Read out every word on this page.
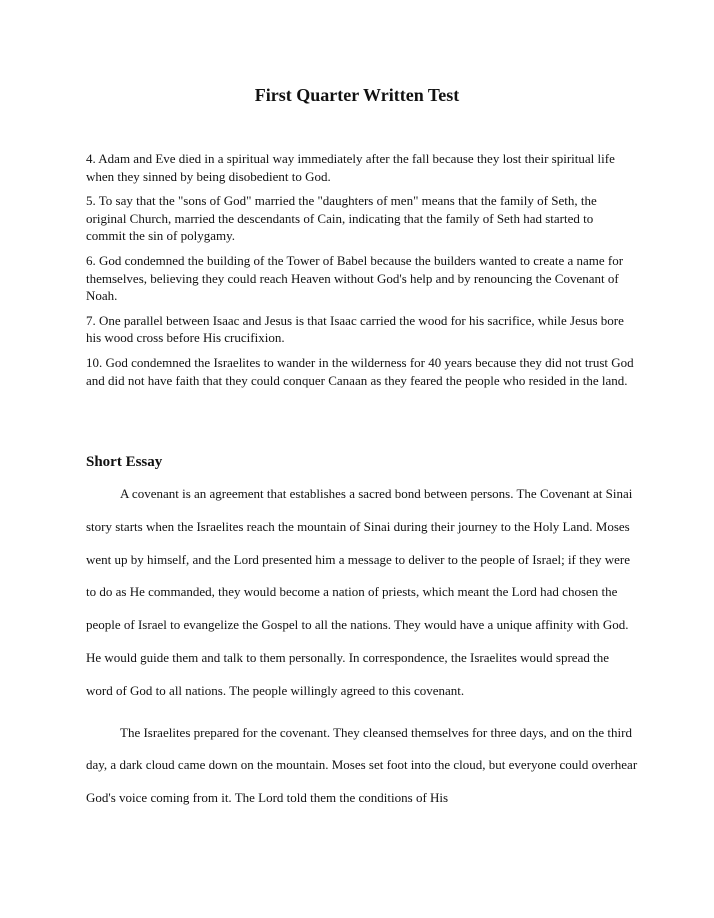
First Quarter Written Test

4. Adam and Eve died in a spiritual way immediately after the fall because they lost their spiritual life when they sinned by being disobedient to God.

5. To say that the "sons of God" married the "daughters of men" means that the family of Seth, the original Church, married the descendants of Cain, indicating that the family of Seth had started to commit the sin of polygamy.

6. God condemned the building of the Tower of Babel because the builders wanted to create a name for themselves, believing they could reach Heaven without God's help and by renouncing the Covenant of Noah.

7. One parallel between Isaac and Jesus is that Isaac carried the wood for his sacrifice, while Jesus bore his wood cross before His crucifixion.

10. God condemned the Israelites to wander in the wilderness for 40 years because they did not trust God and did not have faith that they could conquer Canaan as they feared the people who resided in the land.

Short Essay

A covenant is an agreement that establishes a sacred bond between persons. The Covenant at Sinai story starts when the Israelites reach the mountain of Sinai during their journey to the Holy Land. Moses went up by himself, and the Lord presented him a message to deliver to the people of Israel; if they were to do as He commanded, they would become a nation of priests, which meant the Lord had chosen the people of Israel to evangelize the Gospel to all the nations. They would have a unique affinity with God. He would guide them and talk to them personally. In correspondence, the Israelites would spread the word of God to all nations. The people willingly agreed to this covenant.

The Israelites prepared for the covenant. They cleansed themselves for three days, and on the third day, a dark cloud came down on the mountain. Moses set foot into the cloud, but everyone could overhear God's voice coming from it. The Lord told them the conditions of His
